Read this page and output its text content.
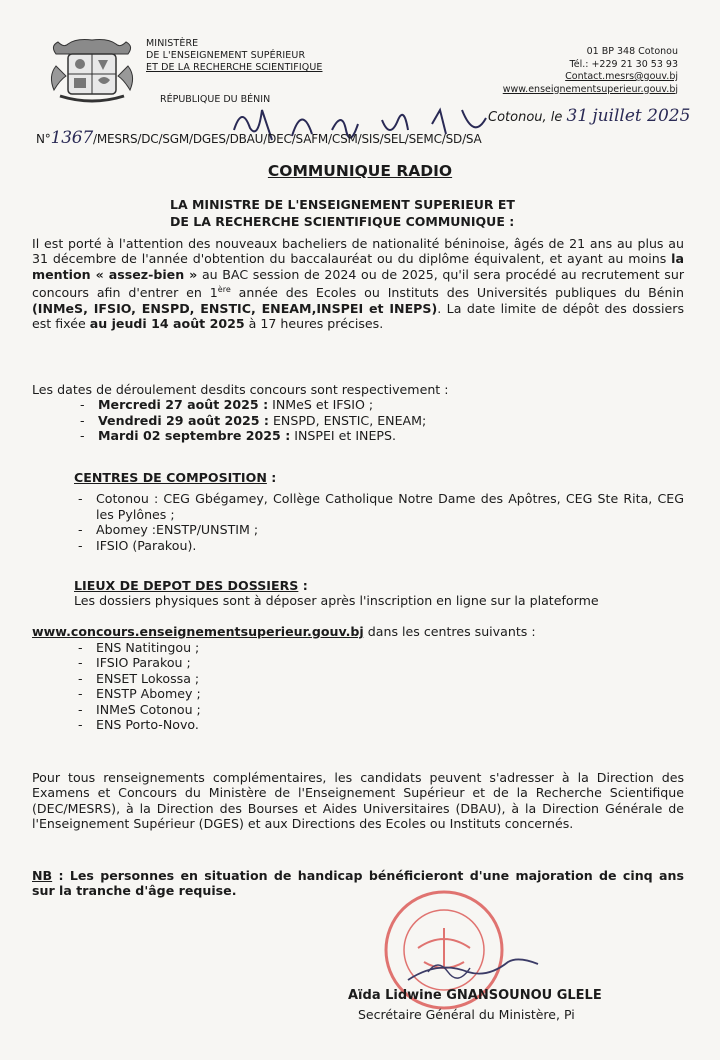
MINISTÈRE
DE L'ENSEIGNEMENT SUPÉRIEUR
ET DE LA RECHERCHE SCIENTIFIQUE
RÉPUBLIQUE DU BÉNIN
01 BP 348 Cotonou
Tél.: +229 21 30 53 93
Contact.mesrs@gouv.bj
www.enseignementsuperieur.gouv.bj
Cotonou, le 31 juillet 2025
N°1367/MESRS/DC/SGM/DGES/DBAU/DEC/SAFM/CSM/SIS/SEL/SEMC/SD/SA
COMMUNIQUE RADIO
LA MINISTRE DE L'ENSEIGNEMENT SUPERIEUR ET
DE LA RECHERCHE SCIENTIFIQUE COMMUNIQUE :
Il est porté à l'attention des nouveaux bacheliers de nationalité béninoise, âgés de 21 ans au plus au 31 décembre de l'année d'obtention du baccalauréat ou du diplôme équivalent, et ayant au moins la mention « assez-bien » au BAC session de 2024 ou de 2025, qu'il sera procédé au recrutement sur concours afin d'entrer en 1ère année des Ecoles ou Instituts des Universités publiques du Bénin (INMeS, IFSIO, ENSPD, ENSTIC, ENEAM,INSPEI et INEPS). La date limite de dépôt des dossiers est fixée au jeudi 14 août 2025 à 17 heures précises.
Les dates de déroulement desdits concours sont respectivement :
- Mercredi 27 août 2025 : INMeS et IFSIO ;
- Vendredi 29 août 2025 : ENSPD, ENSTIC, ENEAM;
- Mardi 02 septembre 2025 : INSPEI et INEPS.
CENTRES DE COMPOSITION :
- Cotonou : CEG Gbégamey, Collège Catholique Notre Dame des Apôtres, CEG Ste Rita, CEG les Pylônes ;
- Abomey :ENSTP/UNSTIM ;
- IFSIO (Parakou).
LIEUX DE DEPOT DES DOSSIERS :
Les dossiers physiques sont à déposer après l'inscription en ligne sur la plateforme
www.concours.enseignementsuperieur.gouv.bj dans les centres suivants :
- ENS Natitingou ;
- IFSIO Parakou ;
- ENSET Lokossa ;
- ENSTP Abomey ;
- INMeS Cotonou ;
- ENS Porto-Novo.
Pour tous renseignements complémentaires, les candidats peuvent s'adresser à la Direction des Examens et Concours du Ministère de l'Enseignement Supérieur et de la Recherche Scientifique (DEC/MESRS), à la Direction des Bourses et Aides Universitaires (DBAU), à la Direction Générale de l'Enseignement Supérieur (DGES) et aux Directions des Ecoles ou Instituts concernés.
NB : Les personnes en situation de handicap bénéficieront d'une majoration de cinq ans sur la tranche d'âge requise.
Aïda Lidwine GNANSOUNOU GLELE
Secrétaire Général du Ministère, Pi
